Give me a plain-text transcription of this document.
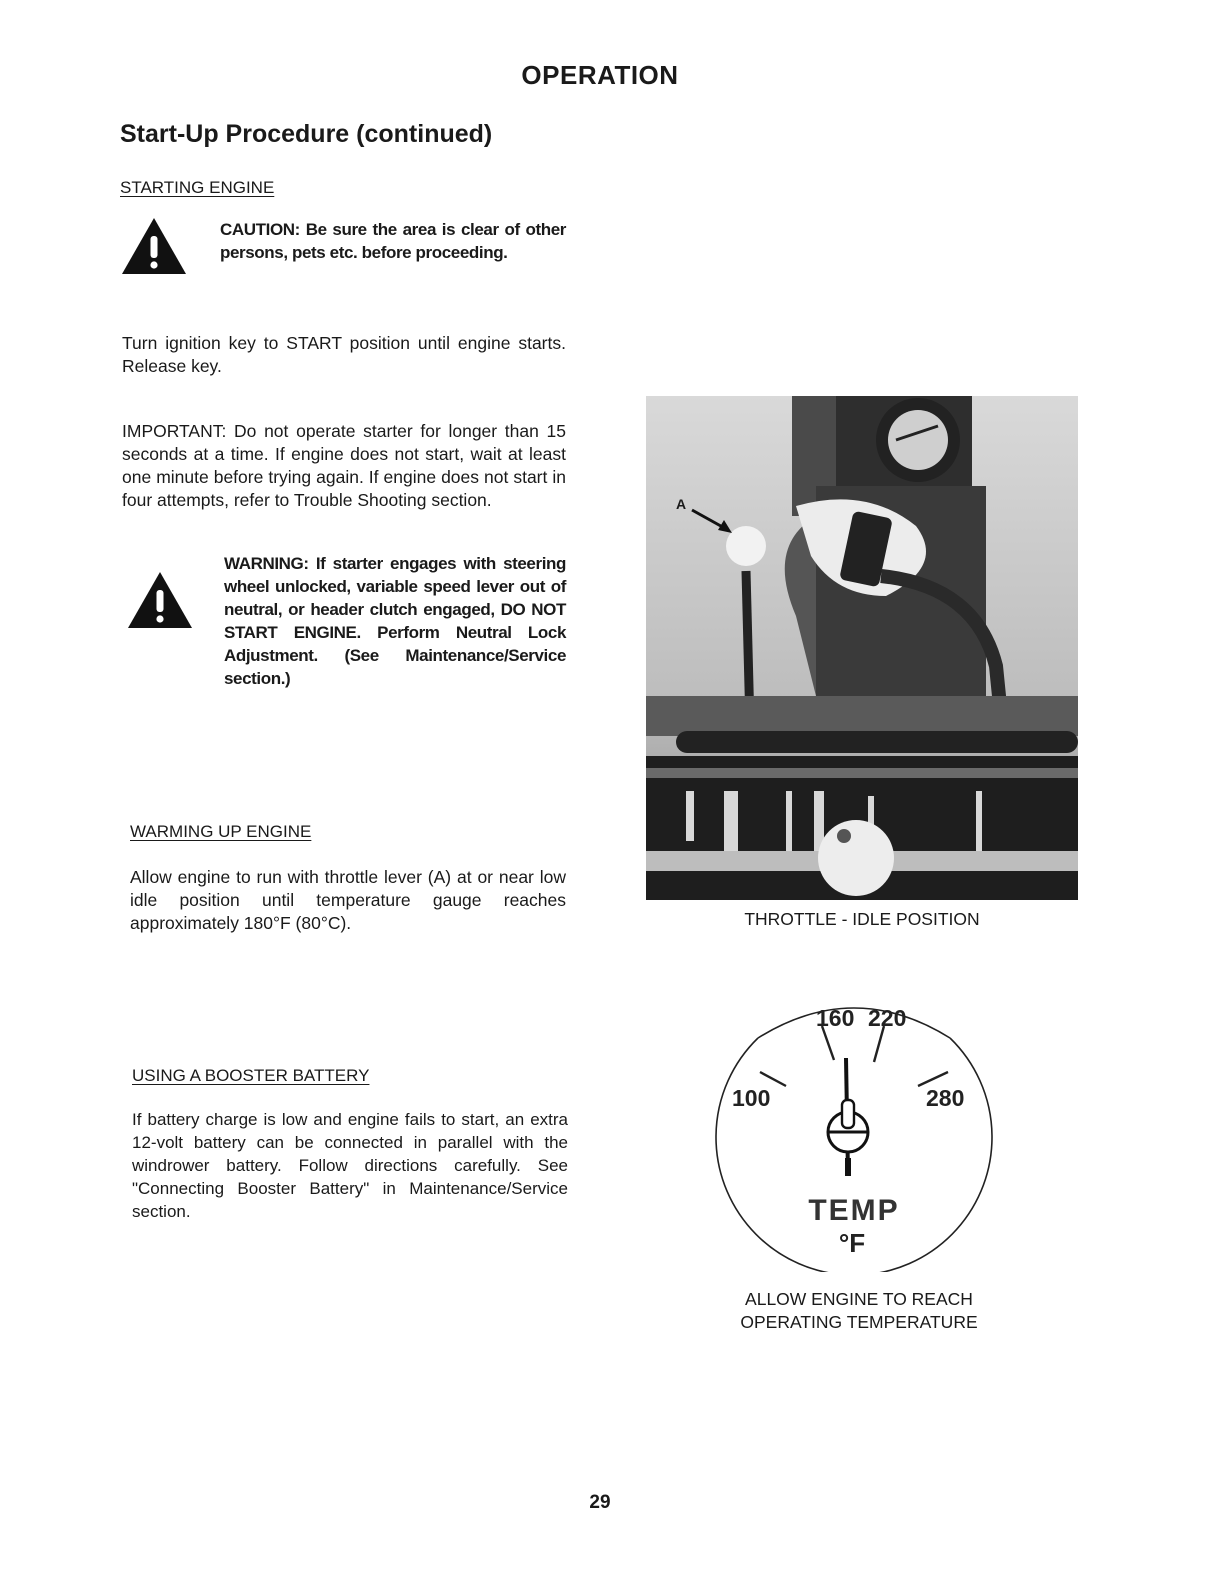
OPERATION
Start-Up Procedure (continued)
STARTING ENGINE
CAUTION: Be sure the area is clear of other persons, pets etc. before proceeding.
Turn ignition key to START position until engine starts. Release key.
IMPORTANT: Do not operate starter for longer than 15 seconds at a time. If engine does not start, wait at least one minute before trying again. If engine does not start in four attempts, refer to Trouble Shooting section.
WARNING: If starter engages with steering wheel unlocked, variable speed lever out of neutral, or header clutch engaged, DO NOT START ENGINE. Perform Neutral Lock Adjustment. (See Maintenance/Service section.)
WARMING UP ENGINE
Allow engine to run with throttle lever (A) at or near low idle position until temperature gauge reaches approximately 180°F (80°C).
USING A BOOSTER BATTERY
If battery charge is low and engine fails to start, an extra 12-volt battery can be connected in parallel with the windrower battery. Follow directions carefully. See "Connecting Booster Battery" in Maintenance/Service section.
A
THROTTLE - IDLE POSITION
160 220
100	280
TEMP
°F
ALLOW ENGINE TO REACH
OPERATING TEMPERATURE
29
